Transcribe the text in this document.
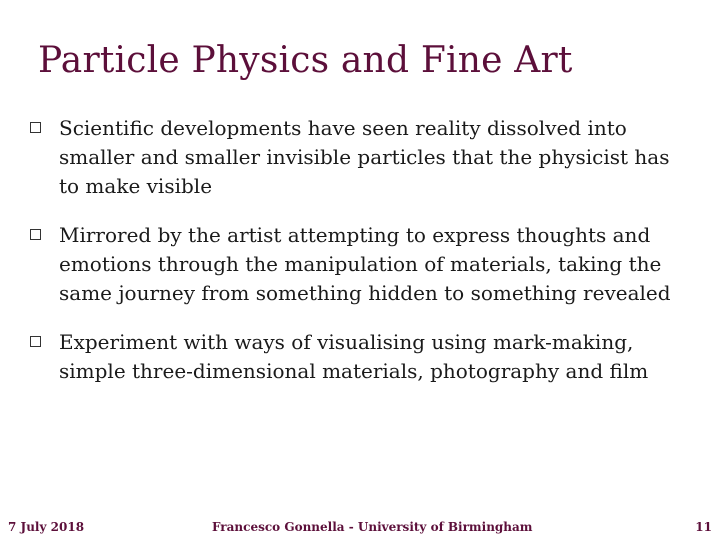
Particle Physics and Fine Art
Scientific developments have seen reality dissolved into smaller and smaller invisible particles that the physicist has to make visible
Mirrored by the artist attempting to express thoughts and emotions through the manipulation of materials, taking the same journey from something hidden to something revealed
Experiment with ways of visualising using mark-making, simple three-dimensional materials, photography and film
7 July 2018	Francesco Gonnella - University of Birmingham	11
